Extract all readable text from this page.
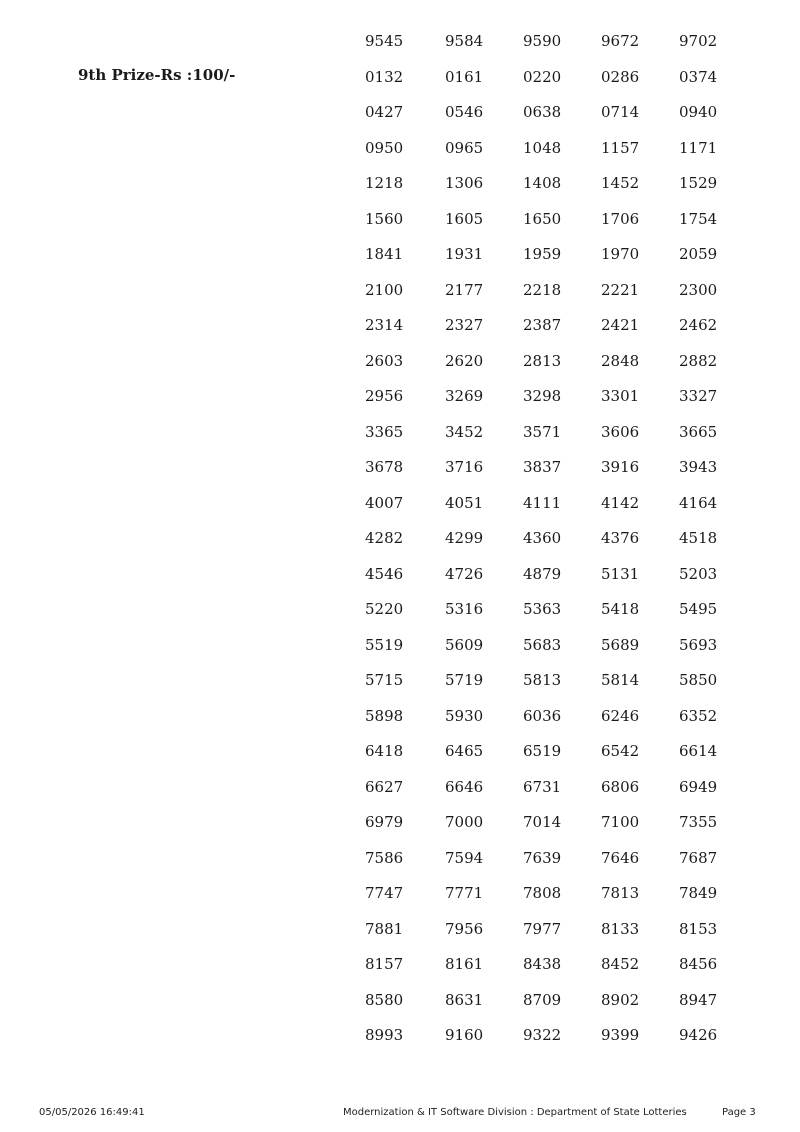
9th Prize-Rs :100/-
9545	9584	9590	9672	9702
0132	0161	0220	0286	0374
0427	0546	0638	0714	0940
0950	0965	1048	1157	1171
1218	1306	1408	1452	1529
1560	1605	1650	1706	1754
1841	1931	1959	1970	2059
2100	2177	2218	2221	2300
2314	2327	2387	2421	2462
2603	2620	2813	2848	2882
2956	3269	3298	3301	3327
3365	3452	3571	3606	3665
3678	3716	3837	3916	3943
4007	4051	4111	4142	4164
4282	4299	4360	4376	4518
4546	4726	4879	5131	5203
5220	5316	5363	5418	5495
5519	5609	5683	5689	5693
5715	5719	5813	5814	5850
5898	5930	6036	6246	6352
6418	6465	6519	6542	6614
6627	6646	6731	6806	6949
6979	7000	7014	7100	7355
7586	7594	7639	7646	7687
7747	7771	7808	7813	7849
7881	7956	7977	8133	8153
8157	8161	8438	8452	8456
8580	8631	8709	8902	8947
8993	9160	9322	9399	9426
05/05/2026 16:49:41	Modernization & IT Software Division : Department of State Lotteries	Page 3
